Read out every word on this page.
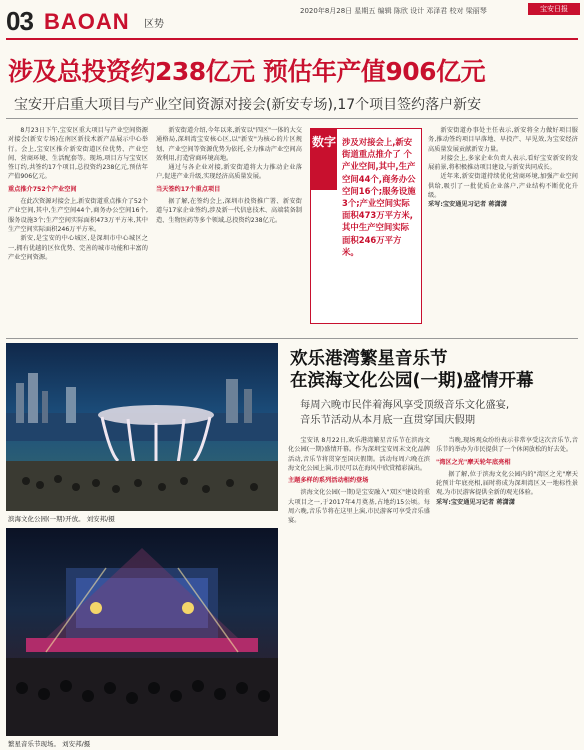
03 BAOAN 区势
2020年8月28日 星期五 编辑 陈欣 设计 邓泽君 校对 梁丽琴	宝安日报
涉及总投资约238亿元 预估年产值906亿元
宝安开启重大项目与产业空间资源对接会(新安专场),17个项目签约落户新安

8月23日下午,宝安区重大项目与产业空间资源对接会(新安专场)在南区新技术新产品展示中心举行。会上,宝安区推介新安街道区位优势、产业空间、营商环境、生活配套等。现场,项目方与宝安区签订约,共签约17个项目,总投资约238亿元,预估年产值906亿元。

重点推介752个产业空间

在此次资源对接会上,新安街道重点推介了52个产业空间,其中,生产空间44个,商务办公空间16个,服务设施3个;生产空间实际面积473万平方米,其中生产空间实际面积246万平方米。

新安,是宝安的中心城区,是深圳市中心城区之一,拥有优越的区位优势、完善的城市功能和丰富的产业空间资源。

新安街道介绍,今年以来,新安以"四区"一体的大交通格局,深圳湾宝安核心区,以"新安"为核心的片区规划、产业空间等资源优势为依托,全力推动产业空间高效利用,打造营商环境高地。

通过与各企业对接,新安街道将大力推动企业落户,促进产业升级,实现经济高质量发展。

当天签约17个重点项目

据了解,在签约会上,深圳市投资推广署、新安街道与17家企业签约,涉及新一代信息技术、高端装备制造、生物医药等多个领域,总投资约238亿元。

数字 涉及对接会上,新安街道重点推介了 个产业空间,其中,生产空间44个,商务办公空间16个;服务设施3个;产业空间实际面积473万平方米,其中生产空间实际面积246万平方米。

新安街道办事处主任表示,新安将全力做好项目服务,推动签约项目早落地、早投产、早见效,为宝安经济高质量发展贡献新安力量。

对接会上,多家企业负责人表示,看好宝安新安的发展前景,将积极推动项目建设,与新安共同成长。

近年来,新安街道持续优化营商环境,加强产业空间供给,吸引了一批优质企业落户,产业结构不断优化升级。

采写:宝安通见习记者 蒋潇潇

滨海文化公园(一期)开放。 刘安邦/摄
繁星音乐节现场。 刘安邦/摄
欢乐港湾繁星音乐节
在滨海文化公园(一期)盛情开幕
每周六晚市民伴着海风享受顶级音乐文化盛宴,
音乐节活动从本月底一直贯穿国庆假期

宝安讯 8月22日,欢乐港湾繁星音乐节在滨海文化公园(一期)盛情开幕。作为深圳宝安周末文化品牌活动,音乐节将贯穿至国庆假期。活动每周六晚在滨海文化公园上演,市民可以在海风中欣赏精彩演出。

主题多样的系列活动相约登场

滨海文化公园(一期)是宝安融入"双区"建设的重大项目之一,于2017年4月奠基,占地约15公顷。每周六晚,音乐节将在这里上演,市民游客可享受音乐盛宴。

当晚,现场观众纷纷表示非常享受这次音乐节,音乐节的举办为市民提供了一个休闲放松的好去处。

"湾区之光"摩天轮年底亮相

据了解,位于滨海文化公园内的"湾区之光"摩天轮预计年底亮相,届时将成为深圳湾区又一地标性景观,为市民游客提供全新的观光体验。

采写:宝安通见习记者 蒋潇潇
